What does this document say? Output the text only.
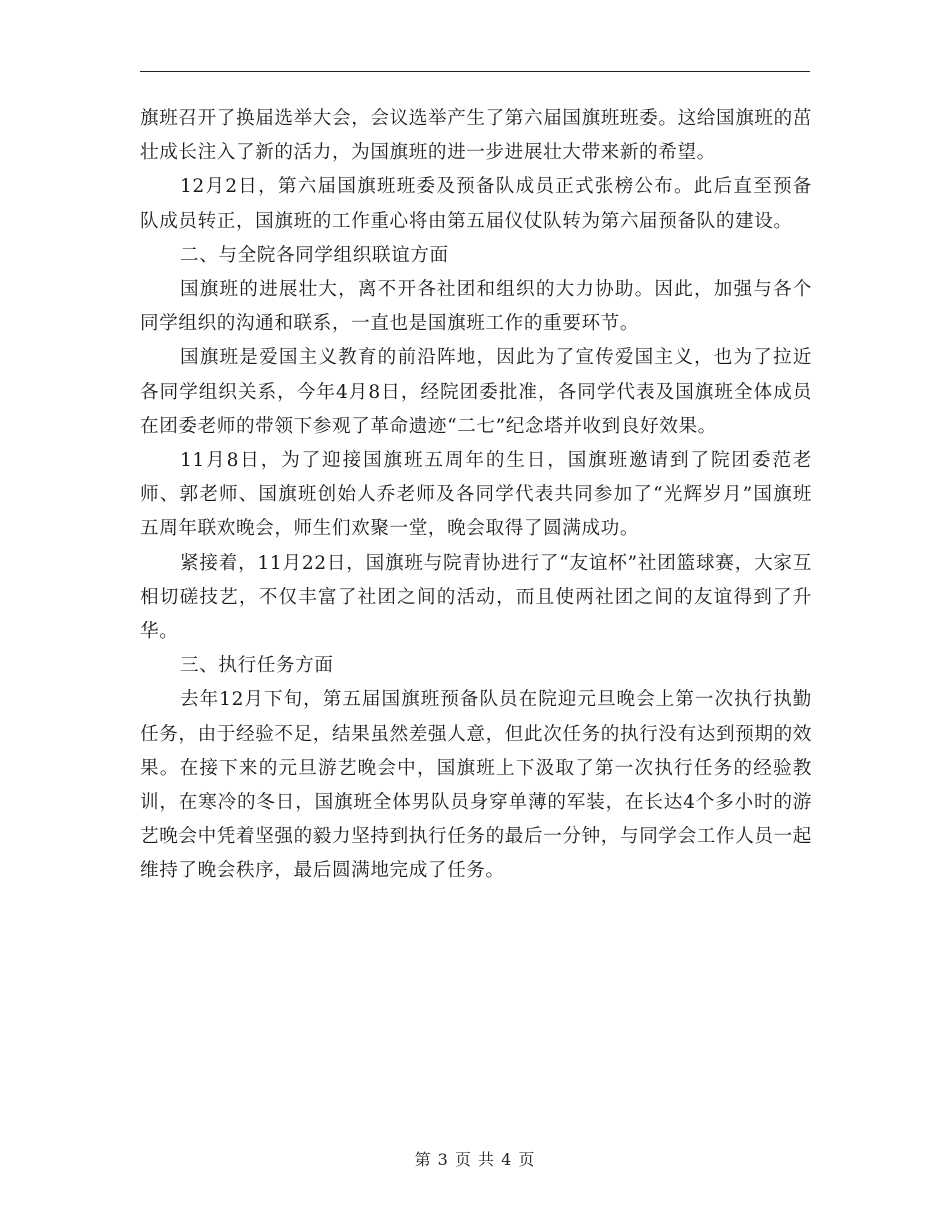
旗班召开了换届选举大会，会议选举产生了第六届国旗班班委。这给国旗班的茁壮成长注入了新的活力，为国旗班的进一步进展壮大带来新的希望。

12月2日，第六届国旗班班委及预备队成员正式张榜公布。此后直至预备队成员转正，国旗班的工作重心将由第五届仪仗队转为第六届预备队的建设。

二、与全院各同学组织联谊方面

国旗班的进展壮大，离不开各社团和组织的大力协助。因此，加强与各个同学组织的沟通和联系，一直也是国旗班工作的重要环节。

国旗班是爱国主义教育的前沿阵地，因此为了宣传爱国主义，也为了拉近各同学组织关系，今年4月8日，经院团委批准，各同学代表及国旗班全体成员在团委老师的带领下参观了革命遗迹“二七”纪念塔并收到良好效果。

11月8日，为了迎接国旗班五周年的生日，国旗班邀请到了院团委范老师、郭老师、国旗班创始人乔老师及各同学代表共同参加了“光辉岁月”国旗班五周年联欢晚会，师生们欢聚一堂，晚会取得了圆满成功。

紧接着，11月22日，国旗班与院青协进行了“友谊杯”社团篮球赛，大家互相切磋技艺，不仅丰富了社团之间的活动，而且使两社团之间的友谊得到了升华。

三、执行任务方面

去年12月下旬，第五届国旗班预备队员在院迎元旦晚会上第一次执行执勤任务，由于经验不足，结果虽然差强人意，但此次任务的执行没有达到预期的效果。在接下来的元旦游艺晚会中，国旗班上下汲取了第一次执行任务的经验教训，在寒冷的冬日，国旗班全体男队员身穿单薄的军装，在长达4个多小时的游艺晚会中凭着坚强的毅力坚持到执行任务的最后一分钟，与同学会工作人员一起维持了晚会秩序，最后圆满地完成了任务。

第 3 页 共 4 页
